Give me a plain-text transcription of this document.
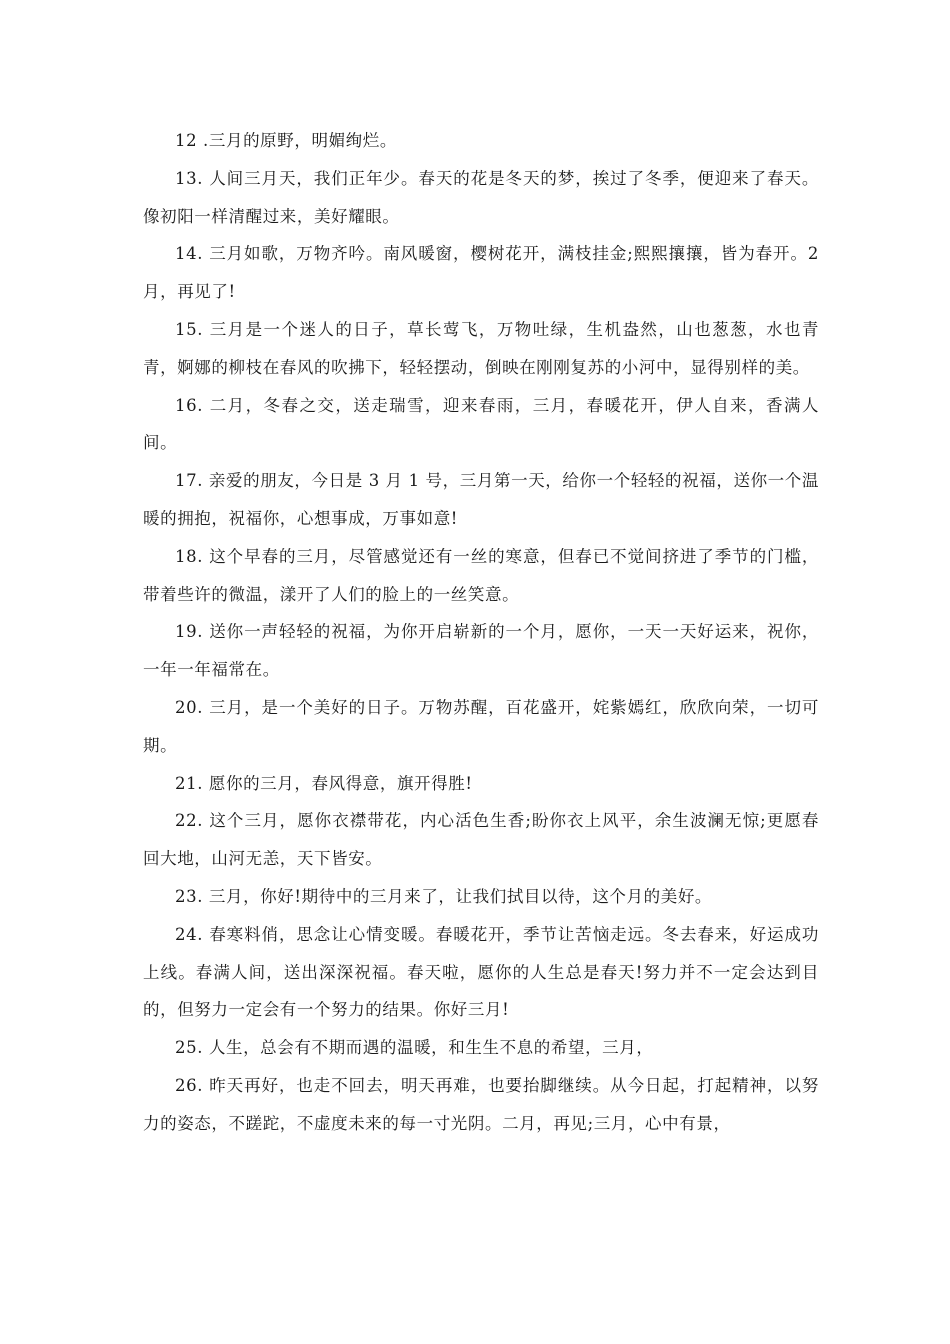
12 .三月的原野，明媚绚烂。

13. 人间三月天，我们正年少。春天的花是冬天的梦，挨过了冬季，便迎来了春天。像初阳一样清醒过来，美好耀眼。

14. 三月如歌，万物齐吟。南风暖窗，樱树花开，满枝挂金;熙熙攘攘，皆为春开。2月，再见了!

15. 三月是一个迷人的日子，草长莺飞，万物吐绿，生机盎然，山也葱葱，水也青青，婀娜的柳枝在春风的吹拂下，轻轻摆动，倒映在刚刚复苏的小河中，显得别样的美。

16. 二月，冬春之交，送走瑞雪，迎来春雨，三月，春暖花开，伊人自来，香满人间。

17. 亲爱的朋友，今日是 3 月 1 号，三月第一天，给你一个轻轻的祝福，送你一个温暖的拥抱，祝福你，心想事成，万事如意!

18. 这个早春的三月，尽管感觉还有一丝的寒意，但春已不觉间挤进了季节的门槛，带着些许的微温，漾开了人们的脸上的一丝笑意。

19. 送你一声轻轻的祝福，为你开启崭新的一个月，愿你，一天一天好运来，祝你，一年一年福常在。

20. 三月，是一个美好的日子。万物苏醒，百花盛开，姹紫嫣红，欣欣向荣，一切可期。

21. 愿你的三月，春风得意，旗开得胜!

22. 这个三月，愿你衣襟带花，内心活色生香;盼你衣上风平，余生波澜无惊;更愿春回大地，山河无恙，天下皆安。

23. 三月，你好!期待中的三月来了，让我们拭目以待，这个月的美好。

24. 春寒料俏，思念让心情变暖。春暖花开，季节让苦恼走远。冬去春来，好运成功上线。春满人间，送出深深祝福。春天啦，愿你的人生总是春天!努力并不一定会达到目的，但努力一定会有一个努力的结果。你好三月!

25. 人生，总会有不期而遇的温暖，和生生不息的希望，三月，

26. 昨天再好，也走不回去，明天再难，也要抬脚继续。从今日起，打起精神，以努力的姿态，不蹉跎，不虚度未来的每一寸光阴。二月，再见;三月，心中有景，
